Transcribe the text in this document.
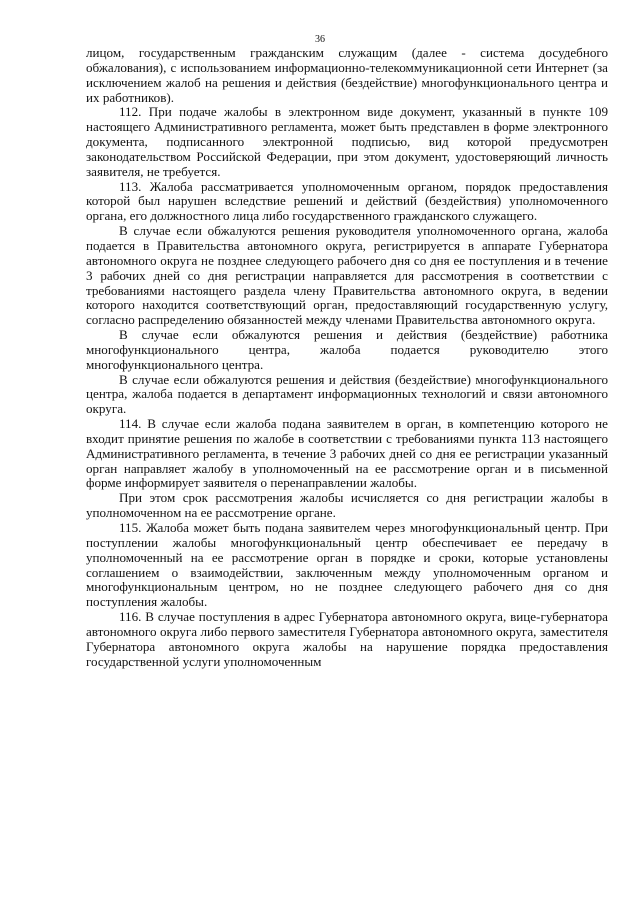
36

лицом, государственным гражданским служащим (далее - система досудебного обжалования), с использованием информационно-телекоммуникационной сети Интернет (за исключением жалоб на решения и действия (бездействие) многофункционального центра и их работников).

112. При подаче жалобы в электронном виде документ, указанный в пункте 109 настоящего Административного регламента, может быть представлен в форме электронного документа, подписанного электронной подписью, вид которой предусмотрен законодательством Российской Федерации, при этом документ, удостоверяющий личность заявителя, не требуется.

113. Жалоба рассматривается уполномоченным органом, порядок предоставления которой был нарушен вследствие решений и действий (бездействия) уполномоченного органа, его должностного лица либо государственного гражданского служащего.

В случае если обжалуются решения руководителя уполномоченного органа, жалоба подается в Правительства автономного округа, регистрируется в аппарате Губернатора автономного округа не позднее следующего рабочего дня со дня ее поступления и в течение 3 рабочих дней со дня регистрации направляется для рассмотрения в соответствии с требованиями настоящего раздела члену Правительства автономного округа, в ведении которого находится соответствующий орган, предоставляющий государственную услугу, согласно распределению обязанностей между членами Правительства автономного округа.

В случае если обжалуются решения и действия (бездействие) работника многофункционального центра, жалоба подается руководителю этого многофункционального центра.

В случае если обжалуются решения и действия (бездействие) многофункционального центра, жалоба подается в департамент информационных технологий и связи автономного округа.

114. В случае если жалоба подана заявителем в орган, в компетенцию которого не входит принятие решения по жалобе в соответствии с требованиями пункта 113 настоящего Административного регламента, в течение 3 рабочих дней со дня ее регистрации указанный орган направляет жалобу в уполномоченный на ее рассмотрение орган и в письменной форме информирует заявителя о перенаправлении жалобы.

При этом срок рассмотрения жалобы исчисляется со дня регистрации жалобы в уполномоченном на ее рассмотрение органе.

115. Жалоба может быть подана заявителем через многофункциональный центр. При поступлении жалобы многофункциональный центр обеспечивает ее передачу в уполномоченный на ее рассмотрение орган в порядке и сроки, которые установлены соглашением о взаимодействии, заключенным между уполномоченным органом и многофункциональным центром, но не позднее следующего рабочего дня со дня поступления жалобы.

116. В случае поступления в адрес Губернатора автономного округа, вице-губернатора автономного округа либо первого заместителя Губернатора автономного округа, заместителя Губернатора автономного округа жалобы на нарушение порядка предоставления государственной услуги уполномоченным
